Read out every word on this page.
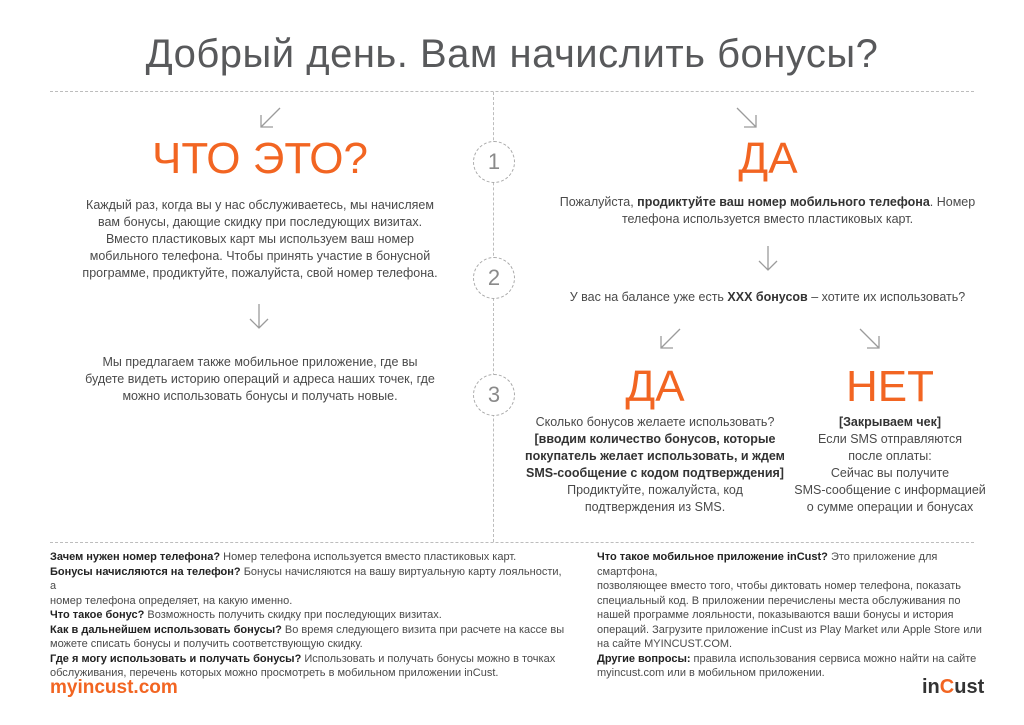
Добрый день. Вам начислить бонусы?
1
2
3
ЧТО ЭТО?
Каждый раз, когда вы у нас обслуживаетесь, мы начисляем
вам бонусы, дающие скидку при последующих визитах.
Вместо пластиковых карт мы используем ваш номер
мобильного телефона. Чтобы принять участие в бонусной
программе, продиктуйте, пожалуйста, свой номер телефона.
Мы предлагаем также мобильное приложение, где вы
будете видеть историю операций и адреса наших точек, где
можно использовать бонусы и получать новые.
ДА
Пожалуйста, продиктуйте ваш номер мобильного телефона. Номер
телефона используется вместо пластиковых карт.
У вас на балансе уже есть XXX бонусов – хотите их использовать?
ДА
Сколько бонусов желаете использовать?
[вводим количество бонусов, которые
покупатель желает использовать, и ждем
SMS-сообщение с кодом подтверждения]
Продиктуйте, пожалуйста, код
подтверждения из SMS.
НЕТ
[Закрываем чек]
Если SMS отправляются
после оплаты:
Сейчас вы получите
SMS-сообщение с информацией
о сумме операции и бонусах
Зачем нужен номер телефона? Номер телефона используется вместо пластиковых карт.
Бонусы начисляются на телефон? Бонусы начисляются на вашу виртуальную карту лояльности, а
номер телефона определяет, на какую именно.
Что такое бонус? Возможность получить скидку при последующих визитах.
Как в дальнейшем использовать бонусы? Во время следующего визита при расчете на кассе вы
можете списать бонусы и получить соответствующую скидку.
Где я могу использовать и получать бонусы? Использовать и получать бонусы можно в точках
обслуживания, перечень которых можно просмотреть в мобильном приложении inCust.
Что такое мобильное приложение inCust? Это приложение для смартфона,
позволяющее вместо того, чтобы диктовать номер телефона, показать
специальный код. В приложении перечислены места обслуживания по
нашей программе лояльности, показываются ваши бонусы и история
операций. Загрузите приложение inCust из Play Market или Apple Store или
на сайте MYINCUST.COM.
Другие вопросы: правила использования сервиса можно найти на сайте
myincust.com или в мобильном приложении.
myincust.com	inCust
